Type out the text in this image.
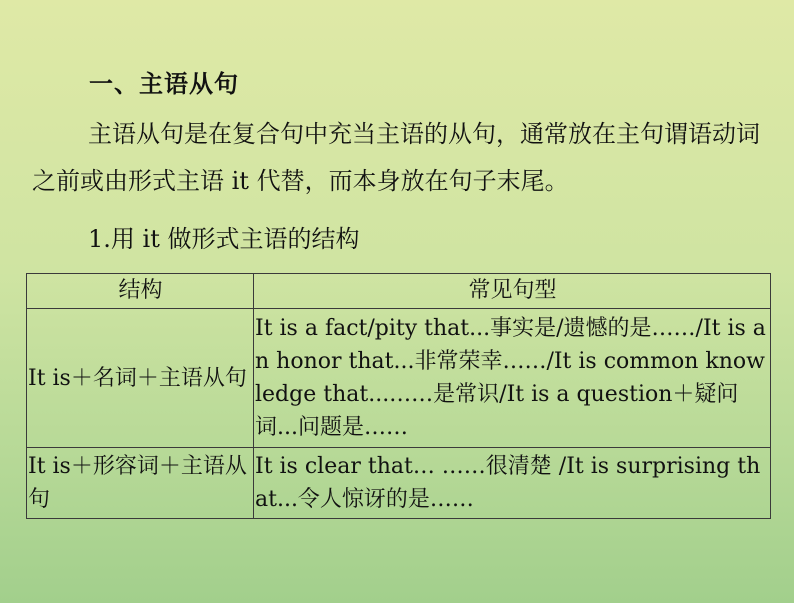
一、主语从句
主语从句是在复合句中充当主语的从句，通常放在主句谓语动词之前或由形式主语 it 代替，而本身放在句子末尾。
1.用 it 做形式主语的结构
结构	常见句型

It is＋名词＋主语从句	It is a fact/pity that...事实是/遗憾的是……/It is an honor that...非常荣幸……/It is common knowledge that...……是常识/It is a question＋疑问词...问题是……

It is＋形容词＋主语从句	It is clear that… ……很清楚 /It is surprising that...令人惊讶的是……
